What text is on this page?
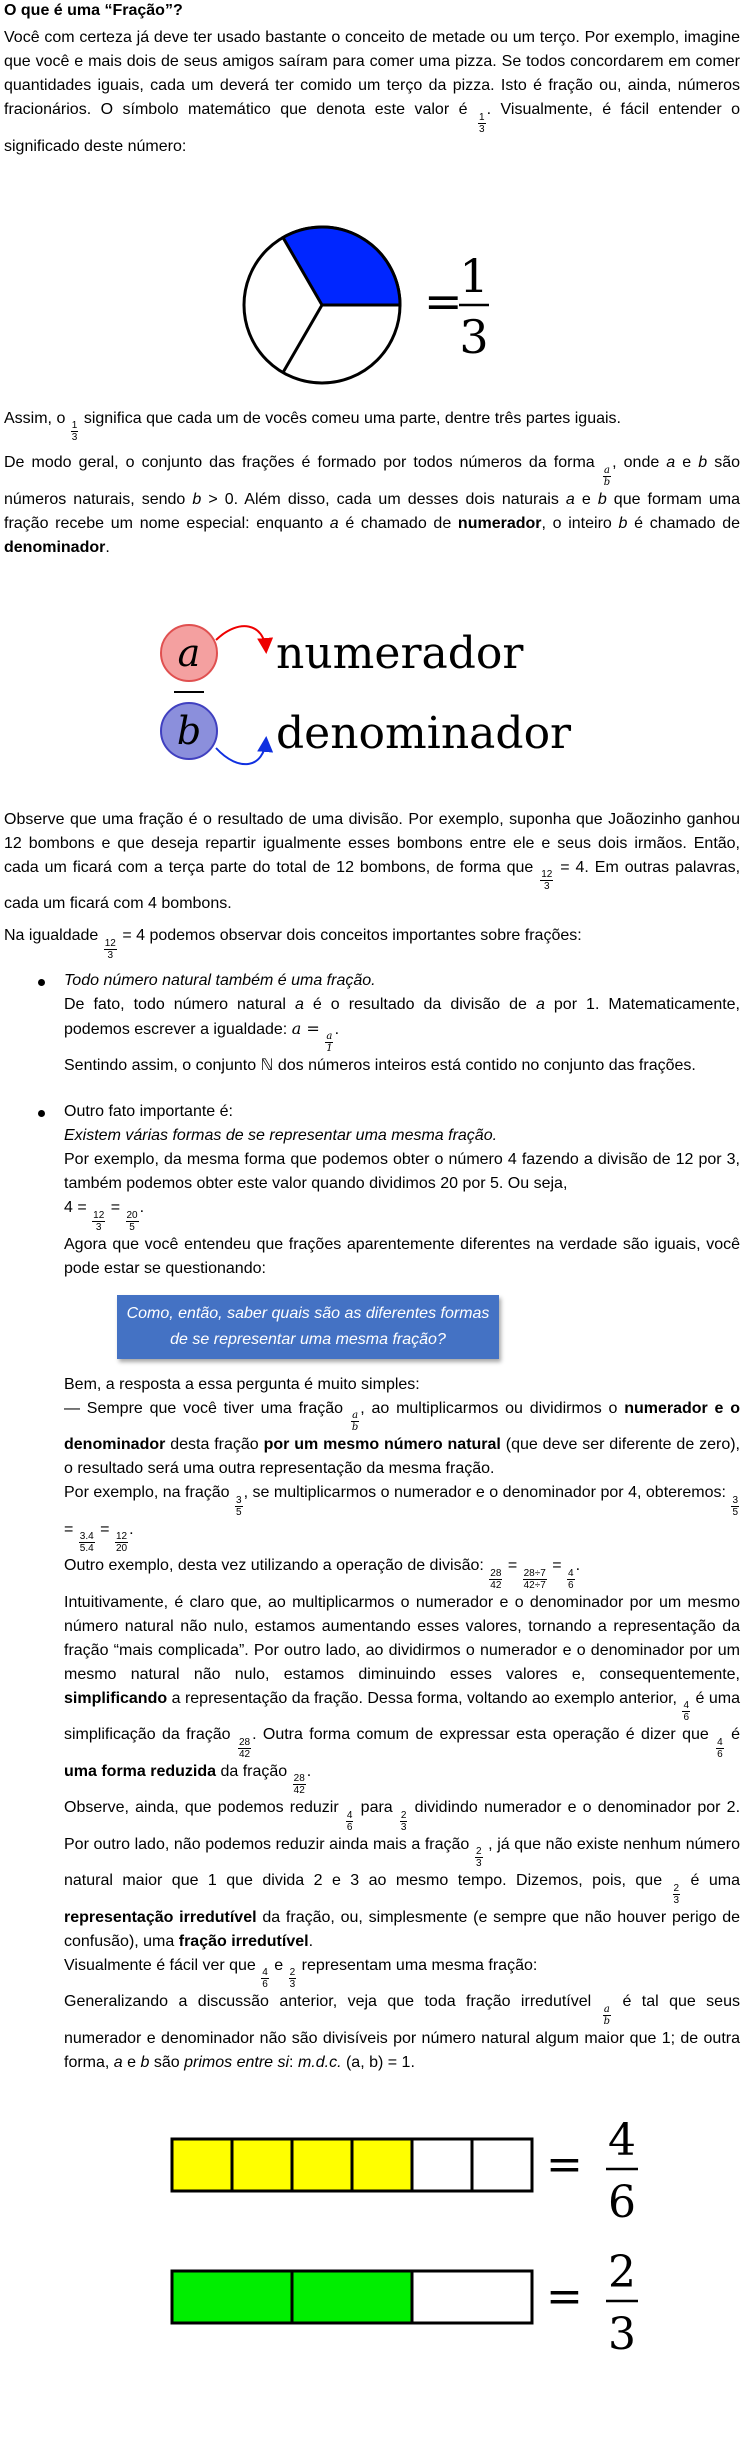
O que é uma “Fração”?

Você com certeza já deve ter usado bastante o conceito de metade ou um terço. Por exemplo, imagine que você e mais dois de seus amigos saíram para comer uma pizza. Se todos concordarem em comer quantidades iguais, cada um deverá ter comido um terço da pizza. Isto é fração ou, ainda, números fracionários. O símbolo matemático que denota este valor é
$\frac{1}{3}$
. Visualmente, é fácil entender o significado deste número:

=
1
3

Assim, o
$\frac{1}{3}$
significa que cada um de vocês comeu uma parte, dentre três partes iguais.

De modo geral, o conjunto das frações é formado por todos números da forma
$\frac{a}{b}$
, onde a e b são números naturais, sendo b > 0. Além disso, cada um desses dois naturais a e b que formam uma fração recebe um nome especial: enquanto a é chamado de numerador, o inteiro b é chamado de denominador.

a
b
numerador
denominador

Observe que uma fração é o resultado de uma divisão. Por exemplo, suponha que Joãozinho ganhou 12 bombons e que deseja repartir igualmente esses bombons entre ele e seus dois irmãos. Então, cada um ficará com a terça parte do total de 12 bombons, de forma que
$\frac{12}{3}$
= 4. Em outras palavras, cada um ficará com 4 bombons.

Na igualdade
$\frac{12}{3}$
= 4 podemos observar dois conceitos importantes sobre frações:

Todo número natural também é uma fração.
De fato, todo número natural a é o resultado da divisão de a por 1. Matematicamente, podemos escrever a igualdade: a =
$\frac{a}{1}$
.
Sentindo assim, o conjunto ℕ dos números inteiros está contido no conjunto das frações.

Outro fato importante é:
Existem várias formas de se representar uma mesma fração.
Por exemplo, da mesma forma que podemos obter o número 4 fazendo a divisão de 12 por 3, também podemos obter este valor quando dividimos 20 por 5. Ou seja,
4 =
$\frac{12}{3}$
=
$\frac{20}{5}$
.
Agora que você entendeu que frações aparentemente diferentes na verdade são iguais, você pode estar se questionando:

Como, então, saber quais são as diferentes formas de se representar uma mesma fração?

Bem, a resposta a essa pergunta é muito simples:

— Sempre que você tiver uma fração
$\frac{a}{b}$
, ao multiplicarmos ou dividirmos o numerador e o denominador desta fração por um mesmo número natural (que deve ser diferente de zero), o resultado será uma outra representação da mesma fração.

Por exemplo, na fração
$\frac{3}{5}$
, se multiplicarmos o numerador e o denominador por 4, obteremos:
$\frac{3}{5}$
=
$\frac{3.4}{5.4}$
=
$\frac{12}{20}$
.

Outro exemplo, desta vez utilizando a operação de divisão:
$\frac{28}{42}$
=
$\frac{28\div 7}{42\div 7}$
=
$\frac{4}{6}$
.

Intuitivamente, é claro que, ao multiplicarmos o numerador e o denominador por um mesmo número natural não nulo, estamos aumentando esses valores, tornando a representação da fração “mais complicada”. Por outro lado, ao dividirmos o numerador e o denominador por um mesmo natural não nulo, estamos diminuindo esses valores e, consequentemente, simplificando a representação da fração. Dessa forma, voltando ao exemplo anterior,
$\frac{4}{6}$
é uma simplificação da fração
$\frac{28}{42}$
. Outra forma comum de expressar esta operação é dizer que
$\frac{4}{6}$
é uma forma reduzida da fração
$\frac{28}{42}$
.

Observe, ainda, que podemos reduzir
$\frac{4}{6}$
para
$\frac{2}{3}$
dividindo numerador e o denominador por 2. Por outro lado, não podemos reduzir ainda mais a fração
$\frac{2}{3}$
, já que não existe nenhum número natural maior que 1 que divida 2 e 3 ao mesmo tempo. Dizemos, pois, que
$\frac{2}{3}$
é uma representação irredutível da fração, ou, simplesmente (e sempre que não houver perigo de confusão), uma fração irredutível.

Visualmente é fácil ver que
$\frac{4}{6}$
e
$\frac{2}{3}$
representam uma mesma fração:

Generalizando a discussão anterior, veja que toda fração irredutível
$\frac{a}{b}$
é tal que seus numerador e denominador não são divisíveis por número natural algum maior que 1; de outra forma, a e b são primos entre si: m.d.c. (a, b) = 1.

= 4
6
= 2
3
